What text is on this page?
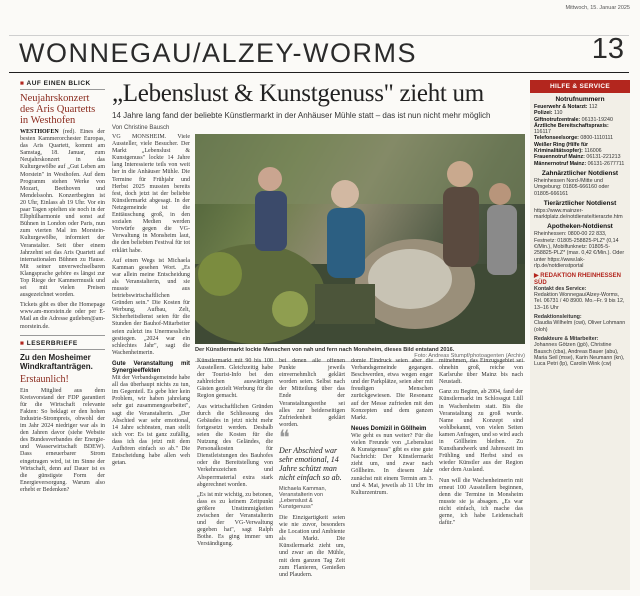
Mittwoch, 15. Januar 2025
WONNEGAU/ALZEY-WORMS	13
■ AUF EINEN BLICK
Neujahrskonzert des Aris Quartetts in Westhofen
WESTHOFEN (red). Eines der besten Kammerorchester Europas, das Aris Quartett, kommt am Samstag, 18. Januar, zum Neujahrskonzert in das Kulturgewölbe auf „Gut Leben am Morstein" in Westhofen. Auf dem Programm stehen Werke von Mozart, Beethoven und Mendelssohn. Konzertbeginn ist 20 Uhr, Einlass ab 19 Uhr. Vor ein paar Tagen spielten sie noch in der Elbphilharmonie und sonst auf Bühnen in London oder Paris, nun zum vierten Mal im Morstein-Kulturgewölbe, informiert der Veranstalter. Seit über einem Jahrzehnt sei das Aris Quartett auf internationalen Bühnen zu Hause. Mit seiner unverwechselbaren Klangsprache gehöre es längst zur Top Riege der Kammermusik und sei mit vielen Preisen ausgezeichnet worden.
Tickets gibt es über die Homepage www.am-morstein.de oder per E-Mail an die Adresse gutleben@am-morstein.de.
■ LESERBRIEFE
Zu den Mosheimer Windkraftanträgen.
Erstaunlich!
Ein Mitglied aus dem Kreisvorstand der FDP garantiert für die Wirtschaft relevante Fakten: So beklagt er den hohen Industrie-Strompreis, obwohl der im Jahr 2024 niedriger war als in den Jahren davor (siehe Website des Bundesverbandes der Energie- und Wasserwirtschaft BDEW). Dass erneuerbarer Strom eingetragen wird, ist im Sinne der Wirtschaft, denn auf Dauer ist es die günstigste Form der Energieversorgung. Warum also erhebt er Bedenken?
„Lebenslust & Kunstgenuss" zieht um
14 Jahre lang fand der beliebte Künstlermarkt in der Anhäuser Mühle statt – das ist nun nicht mehr möglich
Von Christine Bausch
VG MONSHEIM. Viele Aussteller, viele Besucher. Der Markt „Lebenslust & Kunstgenuss" lockte 14 Jahre lang Interessierte teils von weit her in die Anhäuser Mühle. Die Termine für Frühjahr und Herbst 2025 mussten bereits fest, doch jetzt ist der beliebte Künstlermarkt abgesagt. In der Netzgemeinde ist die Enttäuschung groß, in den sozialen Medien werden Vorwürfe gegen die VG-Verwaltung in Monsheim laut, die den beliebten Festival für tot erklärt habe.
Auf einen Wegs ist Michaela Kamman gesehen Wort. „Es war allein meine Entscheidung als Veranstalterin, und sie musste aus betriebswirtschaftlichen Gründen sein." Die Kosten für Werbung, Aufbau, Zelt, Sicherheitsdienst seien für die Stunden der Bauhof-Mitarbeiter seien zuletzt ins Unermessliche gestiegen. „2024 war ein schlechtes Jahr", sagt die Wachenheimerin.
Gute Veranstaltung mit Synergieeffekten
Mit der Verbandsgemeinde habe all das überhaupt nichts zu tun, im Gegenteil. Es gebe hier kein Problem, wir haben jahrelang sehr gut zusammengearbeitet", sagt die Veranstalterin. „Der Abschied war sehr emotional, 14 Jahre schönsten, man stellt sich vor: Es ist ganz zufällig, dass ich das jetzt mit dem Aufhören einfach so ab." Die Entscheidung habe allen weh getan.
Der Künstlermarkt lockte Menschen von nah und fern nach Monsheim, dieses Bild entstand 2016.
Foto: Andreas Stumpf/photoagenten (Archiv)
Künstlermarkt mit 90 bis 100 Ausstellern. Gleichzeitig habe der Tourist-Info bei den zahlreichen auswärtigen Gästen gezielt Werbung für die Region gemacht.
Aus wirtschaftlichen Gründen durch die Schliessung des Gebäudes in jetzt nicht mehr fortgesetzt werden. Deshalb seien die Kosten für die Nutzung des Geländes, die Personalkosten für Dienstleistungen des Bauhofes oder die Bereitstellung von Verkehrszeichen und Absperrmaterial extra stark abgerechnet worden.
„Es ist mir wichtig, zu betonen, dass es zu keinem Zeitpunkt größere Unstimmigkeiten zwischen der Veranstalterin und der VG-Verwaltung gegeben hat", sagt Ralph Bothe. Es ging immer um Verständigung.
bei denen alle offenen Punkte jeweils einvernehmlich geklärt worden seien. Selbst nach der Mitteilung über das Ende der Veranstaltungsreihe sei alles zur beiderseitigen Zufriedenheit geklärt worden.
❝
Der Abschied war sehr emotional, 14 Jahre schützt man nicht einfach so ab.
Michaela Kamman, Veranstalterin von „Lebenslust & Kunstgenuss"
Die Einzigartigkeit seien wie nie zuvor, besonders die Location und Ambiente als Markt. Die Künstlermarkt zieht um, und zwar an die Mühle, mit dem ganzen Tag Zeit zum Flanieren, Genießen und Plaudern.
domie Eindruck seien aber die Verbandsgemeinde gegangen. Beschwerden, etwa wegen enger und der Parkplätze, seien aber mit freudigen Menschen zurückgewiesen. Die Resonanz auf der Messe zufrieden mit den Konzepten und dem ganzen Markt.
Neues Domizil in Göllheim
Wie geht es nun weiter? Für die vielen Freunde von „Lebenslust & Kunstgenuss" gibt es eine gute Nachricht: Der Künstlermarkt zieht um, und zwar nach Göllheim. In diesem Jahr zunächst mit einem Termin am 3. und 4. Mai, jeweils ab 11 Uhr im Kulturzentrum.
mitnehmen, das Einzugsgebiet sei ohnehin groß, reiche von Karlsruhe über Mainz bis nach Neustadt.
Ganz zu Beginn, ab 2004, fand der Künstlermarkt im Schlossgut Lüll in Wachenheim statt. Bis die Veranstaltung zu groß wurde. Name und Konzept sind wohlbekannt, von vielen Seiten kamen Anfragen, und so wird auch in Göllheim bleiben. Zu Kunsthandwerk und Jahreszeit im Frühling und Herbst sind es wieder Künstler aus der Region oder dem Ausland.
Nun will die Wachenheimerin mit erneut 100 Ausstellern beginnen, denn die Termine in Monsheim musste sie ja absagen. „Es war nicht einfach, ich mache das gerne, ich habe Leidenschaft dafür."
HILFE & SERVICE
Notrufnummern
Feuerwehr & Notarzt: 112
Polizei: 110
Giftnotrufzentrale: 06131-19240
Ärztliche Bereitschaftspraxis: 116117
Telefonseelsorge: 0800-1110111
Weißer Ring (Hilfe für Kriminalitätsopfer): 116006
Frauennotruf Mainz: 06131-221213
Männernotruf Mainz: 06131-2677711
Zahnärztlicher Notdienst
Rheinhessen Nord-/Mitte und Umgebung: 01805-666160 oder 01805-666161
Tierärztlicher Notdienst
https://www.mainzer-marktplatz.de/notdienste/tierarzte.htm
Apotheken-Notdienst
Rheinhessen: 0800-00 22 833, Festnetz: 01805-258825-PLZ* (0,14 €/Min.), Mobilfunknetz: 01805-5-258825-PLZ* (max. 0,42 €/Min.). Oder unter https://www.lak-rlp.de/notdienstportal
▶ REDAKTION RHEINHESSEN SÜD
Kontakt des Service:
Redaktion Wonnegau/Alzey-Worms, Tel. 06731 / 40 8900. Mo.–Fr. 9 bis 12, 13–16 Uhr
Redaktionsleitung:
Claudia Wilhelm (cwi), Oliver Lohmann (oloh)
Redakteure & Mitarbeiter:
Johannes Götzen (jgö), Christine Bausch (cba), Andreas Bauer (abu), Maria Seil (mse), Karin Neumann (kn), Luca Petri (lp), Carolin Wink (cw)
